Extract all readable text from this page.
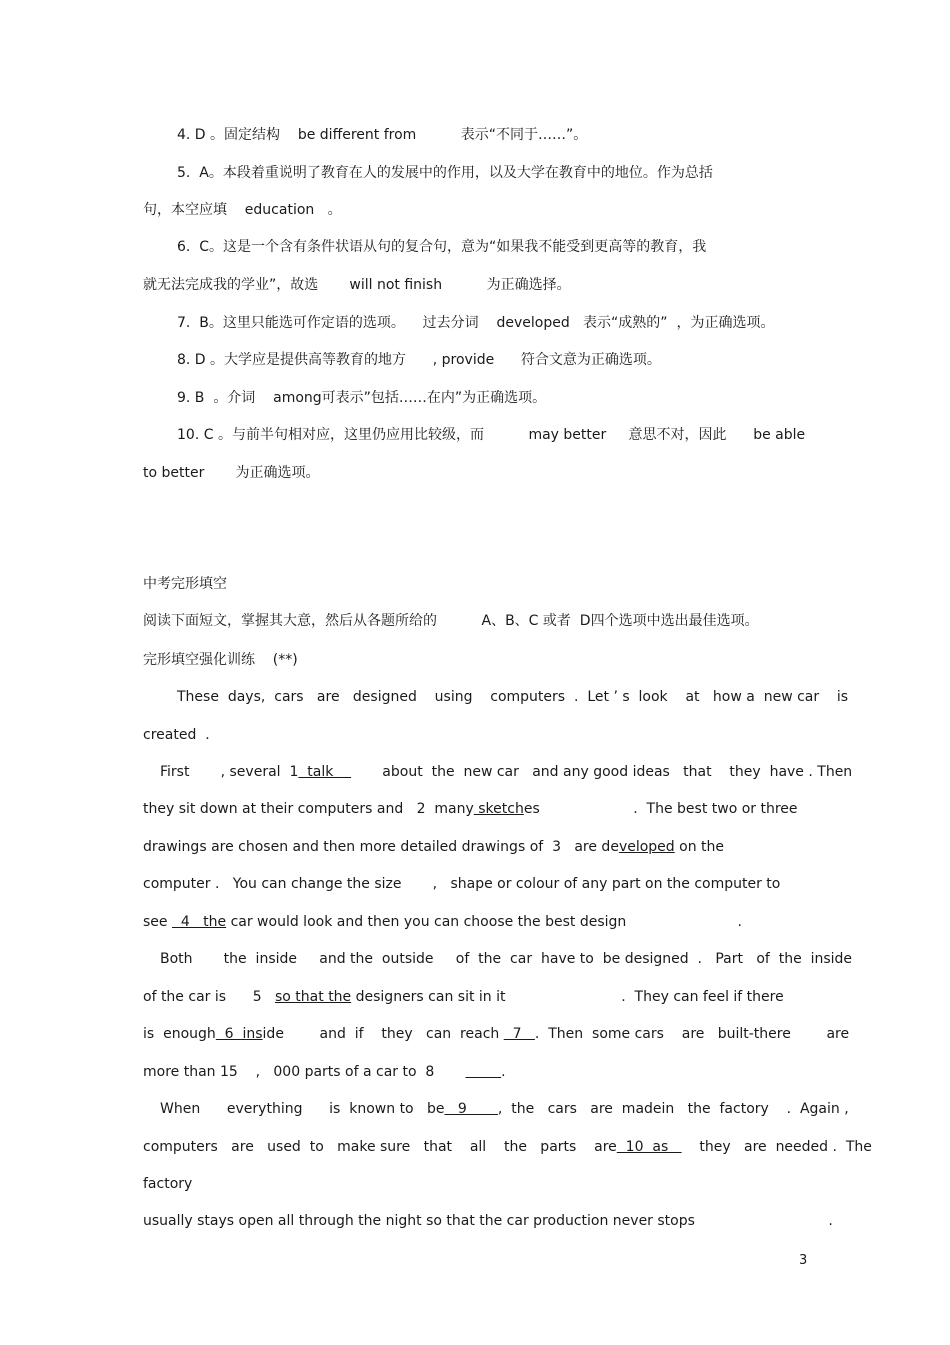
4. D 。固定结构    be different from          表示“不同于……”。
5.  A。本段着重说明了教育在人的发展中的作用，以及大学在教育中的地位。作为总括
句，本空应填    education   。
6.  C。这是一个含有条件状语从句的复合句，意为“如果我不能受到更高等的教育，我
就无法完成我的学业”，故选       will not finish          为正确选择。
7.  B。这里只能选可作定语的选项。    过去分词    developed   表示“成熟的”  ，为正确选项。
8. D 。大学应是提供高等教育的地方      , provide      符合文意为正确选项。
9. B  。介词    among可表示”包括……在内”为正确选项。
10. C 。与前半句相对应，这里仍应用比较级，而          may better     意思不对，因此      be able
to better       为正确选项。
中考完形填空
阅读下面短文，掌握其大意，然后从各题所给的          A、B、C 或者  D四个选项中选出最佳选项。
完形填空强化训练    (**)
These  days,  cars   are   designed    using    computers  .  Let ’ s  look    at   how a  new car    is
created  .
First       , several  1  talk           about  the  new car   and any good ideas   that    they  have . Then
they sit down at their computers and   2  many sketches                     .  The best two or three
drawings are chosen and then more detailed drawings of  3   are developed on the
computer .   You can change the size       ,   shape or colour of any part on the computer to
see   4   the car would look and then you can choose the best design                         .
Both       the  inside     and the  outside     of  the  car  have to  be designed  .   Part   of  the  inside
of the car is      5   so that the designers can sit in it                          .  They can feel if there
is  enough  6  inside        and  if    they   can  reach   7   .  Then  some cars    are   built-there        are
more than 15    ,   000 parts of a car to  8	.
When      everything      is  known to   be   9       ,  the   cars   are  madein   the  factory    .  Again ,
computers   are   used  to   make sure   that    all    the   parts    are  10  as       they   are  needed .  The
factory
usually stays open all through the night so that the car production never stops                              .
3
